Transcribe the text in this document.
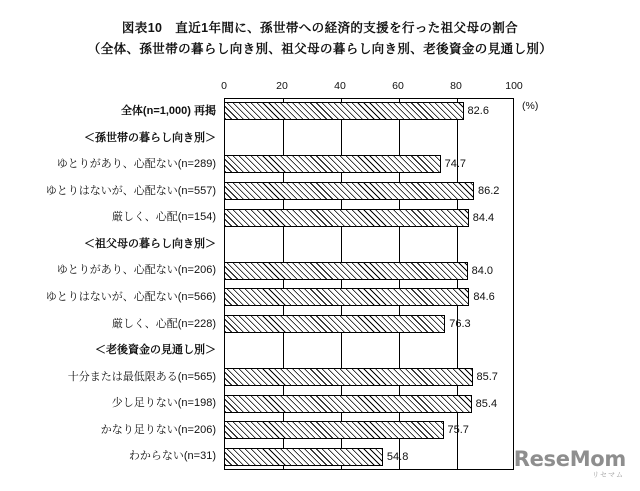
図表10　直近1年間に、孫世帯への経済的支援を行った祖父母の割合
（全体、孫世帯の暮らし向き別、祖父母の暮らし向き別、老後資金の見通し別）
0	20	40	60	80	100
(%)
全体(n=1,000) 再掲	82.6
＜孫世帯の暮らし向き別＞
ゆとりがあり、心配ない(n=289)	74.7
ゆとりはないが、心配ない(n=557)	86.2
厳しく、心配(n=154)	84.4
＜祖父母の暮らし向き別＞
ゆとりがあり、心配ない(n=206)	84.0
ゆとりはないが、心配ない(n=566)	84.6
厳しく、心配(n=228)	76.3
＜老後資金の見通し別＞
十分または最低限ある(n=565)	85.7
少し足りない(n=198)	85.4
かなり足りない(n=206)	75.7
わからない(n=31)	54.8	ReseMom
リセマム
